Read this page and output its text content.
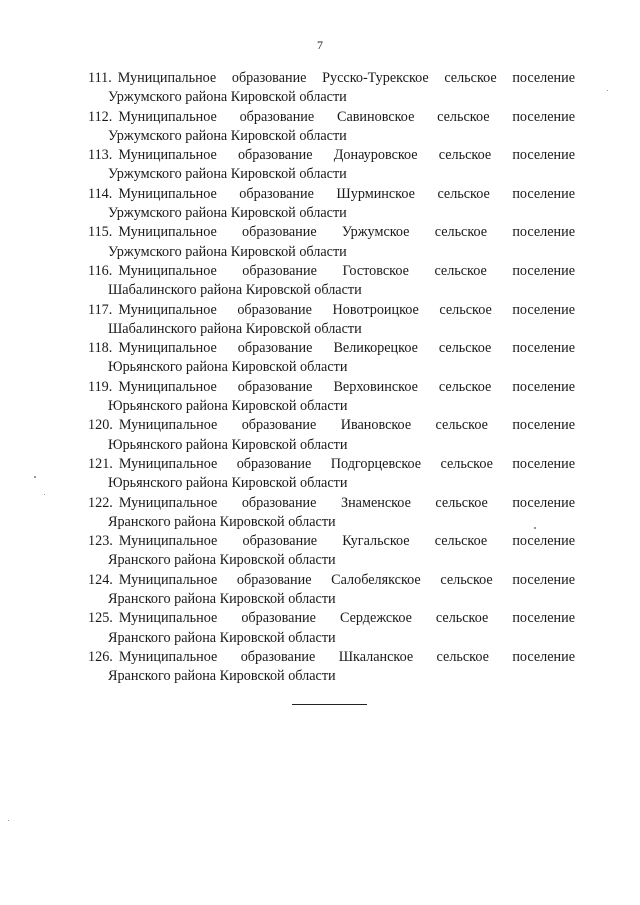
7
111. Муниципальное образование Русско-Турекское сельское поселение
Уржумского района Кировской области
112. Муниципальное образование Савиновское сельское поселение
Уржумского района Кировской области
113. Муниципальное образование Донауровское сельское поселение
Уржумского района Кировской области
114. Муниципальное образование Шурминское сельское поселение
Уржумского района Кировской области
115. Муниципальное образование Уржумское сельское поселение
Уржумского района Кировской области
116. Муниципальное образование Гостовское сельское поселение
Шабалинского района Кировской области
117. Муниципальное образование Новотроицкое сельское поселение
Шабалинского района Кировской области
118. Муниципальное образование Великорецкое сельское поселение
Юрьянского района Кировской области
119. Муниципальное образование Верховинское сельское поселение
Юрьянского района Кировской области
120. Муниципальное образование Ивановское сельское поселение
Юрьянского района Кировской области
121. Муниципальное образование Подгорцевское сельское поселение
Юрьянского района Кировской области
122. Муниципальное образование Знаменское сельское поселение
Яранского района Кировской области
123. Муниципальное образование Кугальское сельское поселение
Яранского района Кировской области
124. Муниципальное образование Салобелякское сельское поселение
Яранского района Кировской области
125. Муниципальное образование Сердежское сельское поселение
Яранского района Кировской области
126. Муниципальное образование Шкаланское сельское поселение
Яранского района Кировской области
